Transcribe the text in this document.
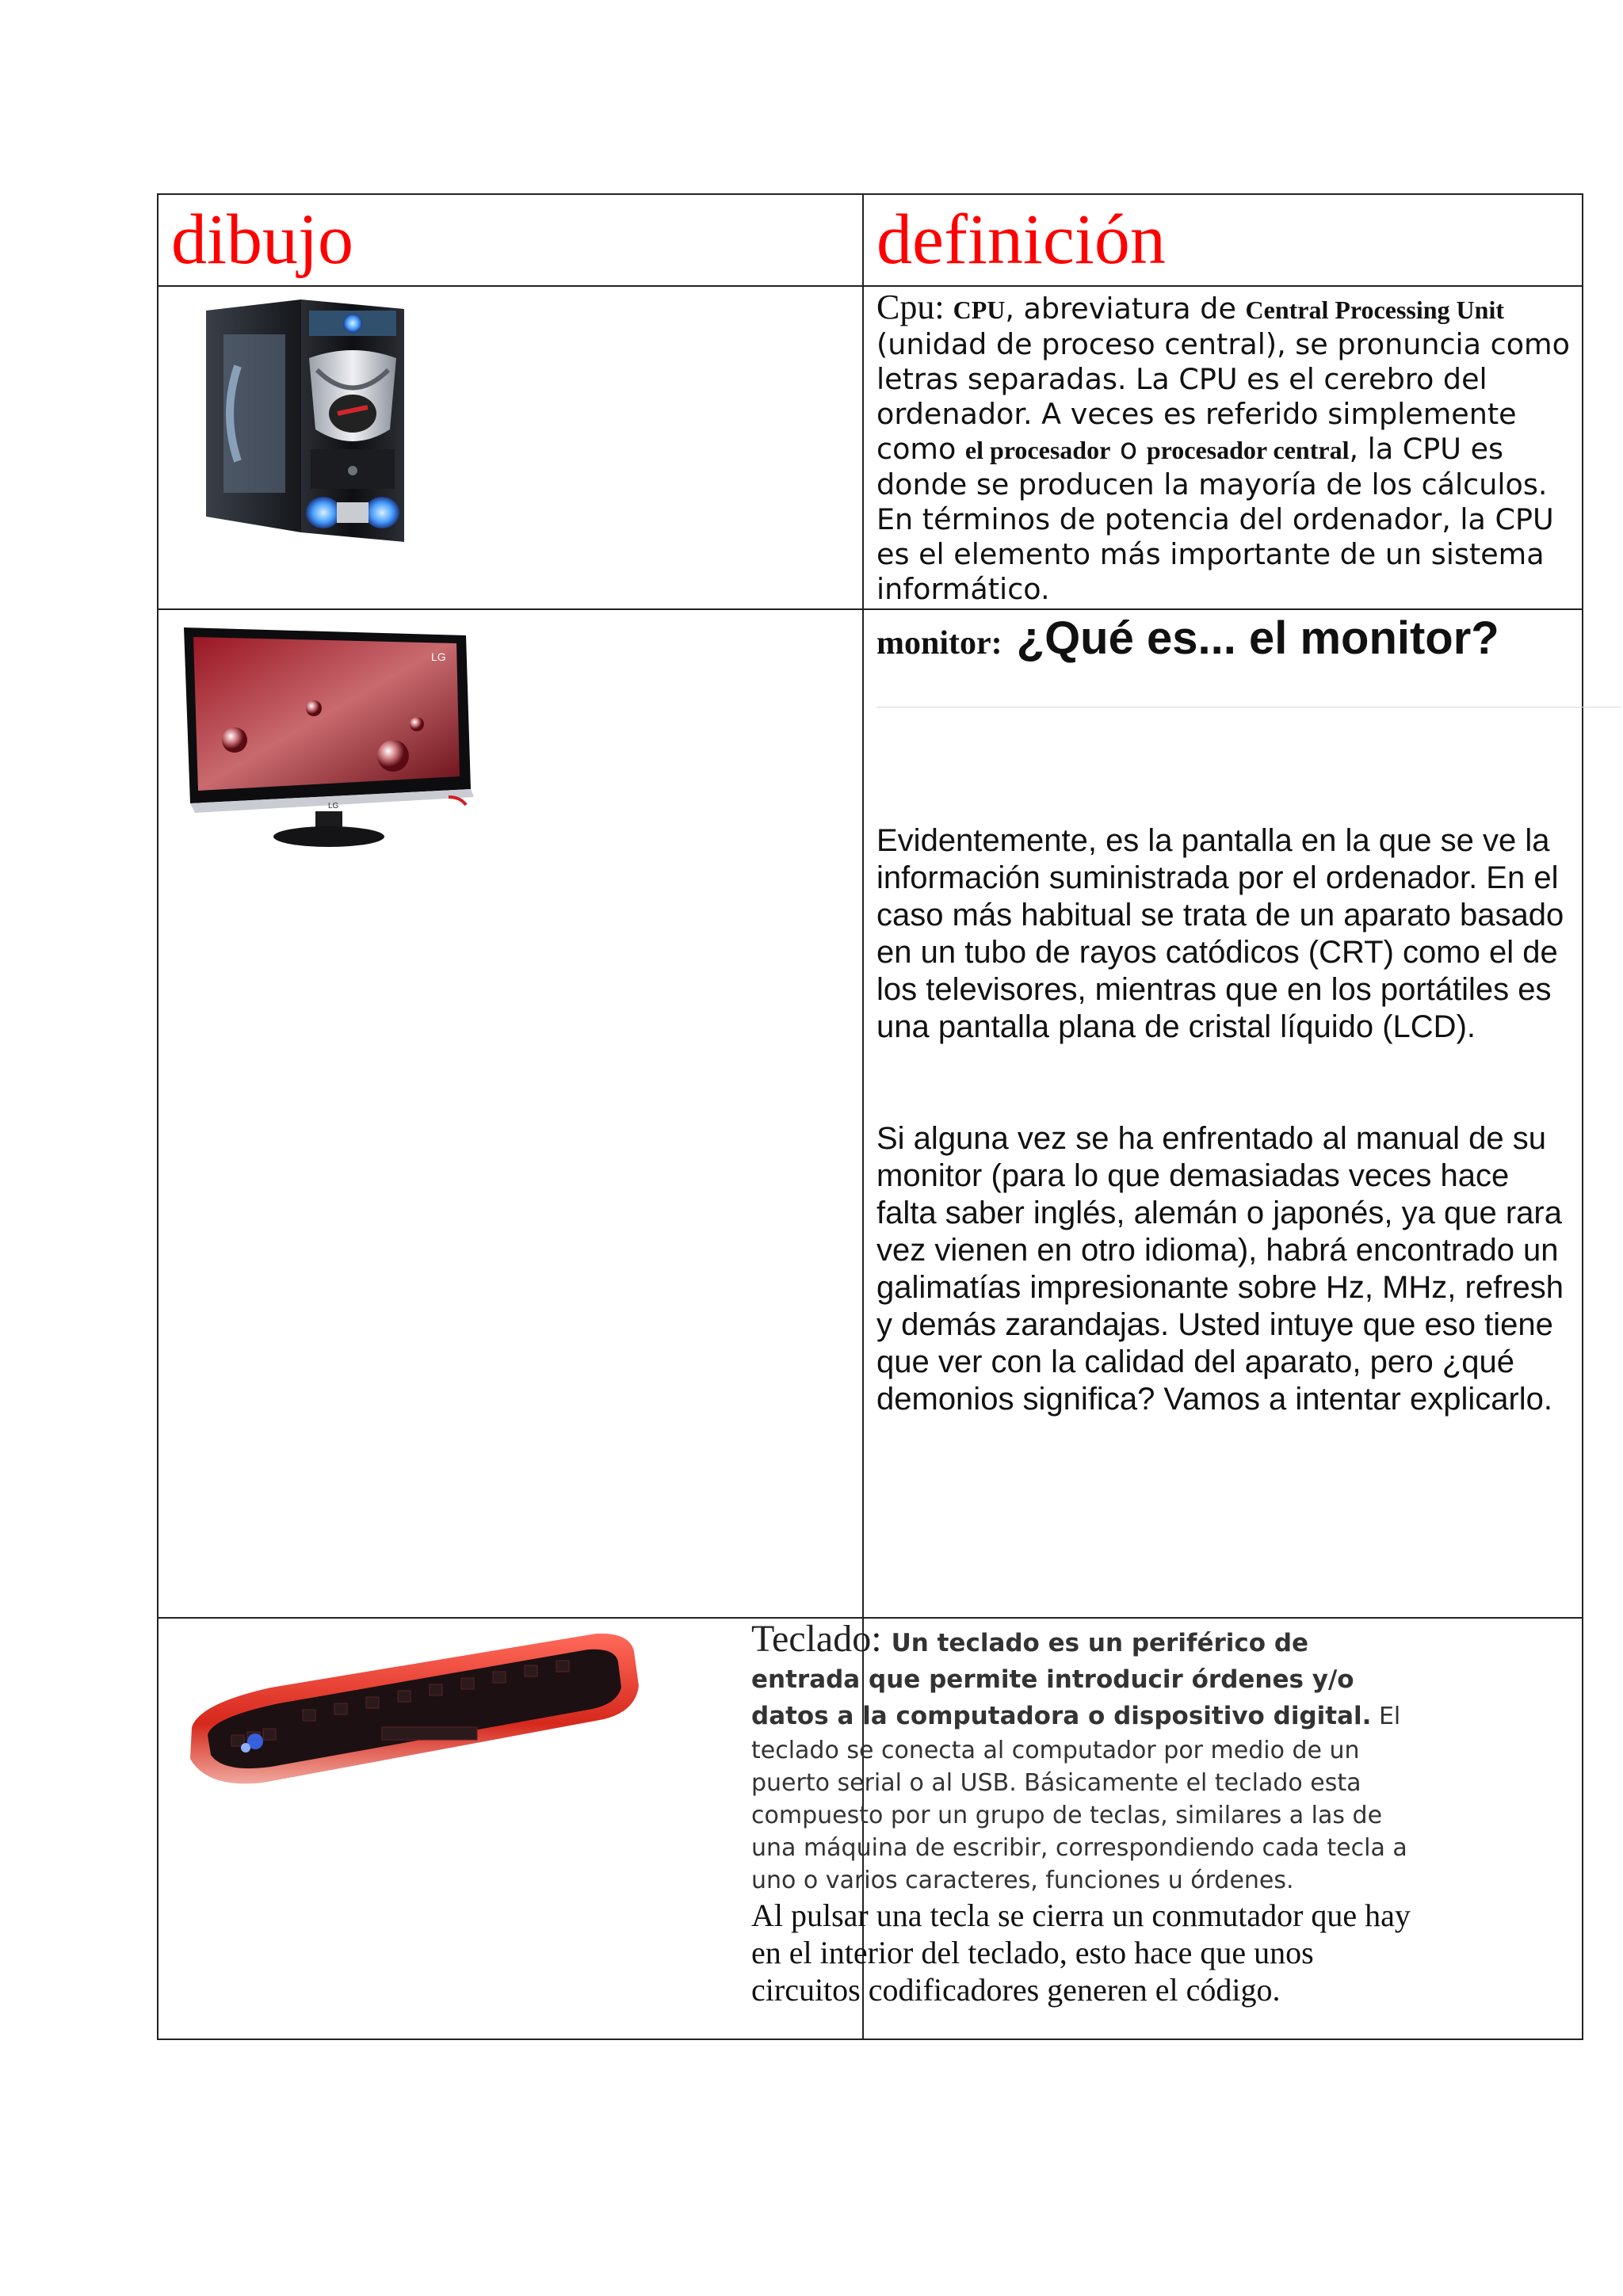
dibujo	definición
Cpu: CPU, abreviatura de Central Processing Unit (unidad de proceso central), se pronuncia como letras separadas. La CPU es el cerebro del ordenador. A veces es referido simplemente como el procesador o procesador central, la CPU es donde se producen la mayoría de los cálculos. En términos de potencia del ordenador, la CPU es el elemento más importante de un sistema informático.
LG
LG
monitor: ¿Qué es... el monitor?
Evidentemente, es la pantalla en la que se ve la información suministrada por el ordenador. En el caso más habitual se trata de un aparato basado en un tubo de rayos catódicos (CRT) como el de los televisores, mientras que en los portátiles es una pantalla plana de cristal líquido (LCD).
Si alguna vez se ha enfrentado al manual de su monitor (para lo que demasiadas veces hace falta saber inglés, alemán o japonés, ya que rara vez vienen en otro idioma), habrá encontrado un galimatías impresionante sobre Hz, MHz, refresh y demás zarandajas. Usted intuye que eso tiene que ver con la calidad del aparato, pero ¿qué demonios significa? Vamos a intentar explicarlo.
Teclado: Un teclado es un periférico de entrada que permite introducir órdenes y/o datos a la computadora o dispositivo digital. El teclado se conecta al computador por medio de un puerto serial o al USB. Básicamente el teclado esta compuesto por un grupo de teclas, similares a las de una máquina de escribir, correspondiendo cada tecla a uno o varios caracteres, funciones u órdenes.
Al pulsar una tecla se cierra un conmutador que hay en el interior del teclado, esto hace que unos circuitos codificadores generen el código.
